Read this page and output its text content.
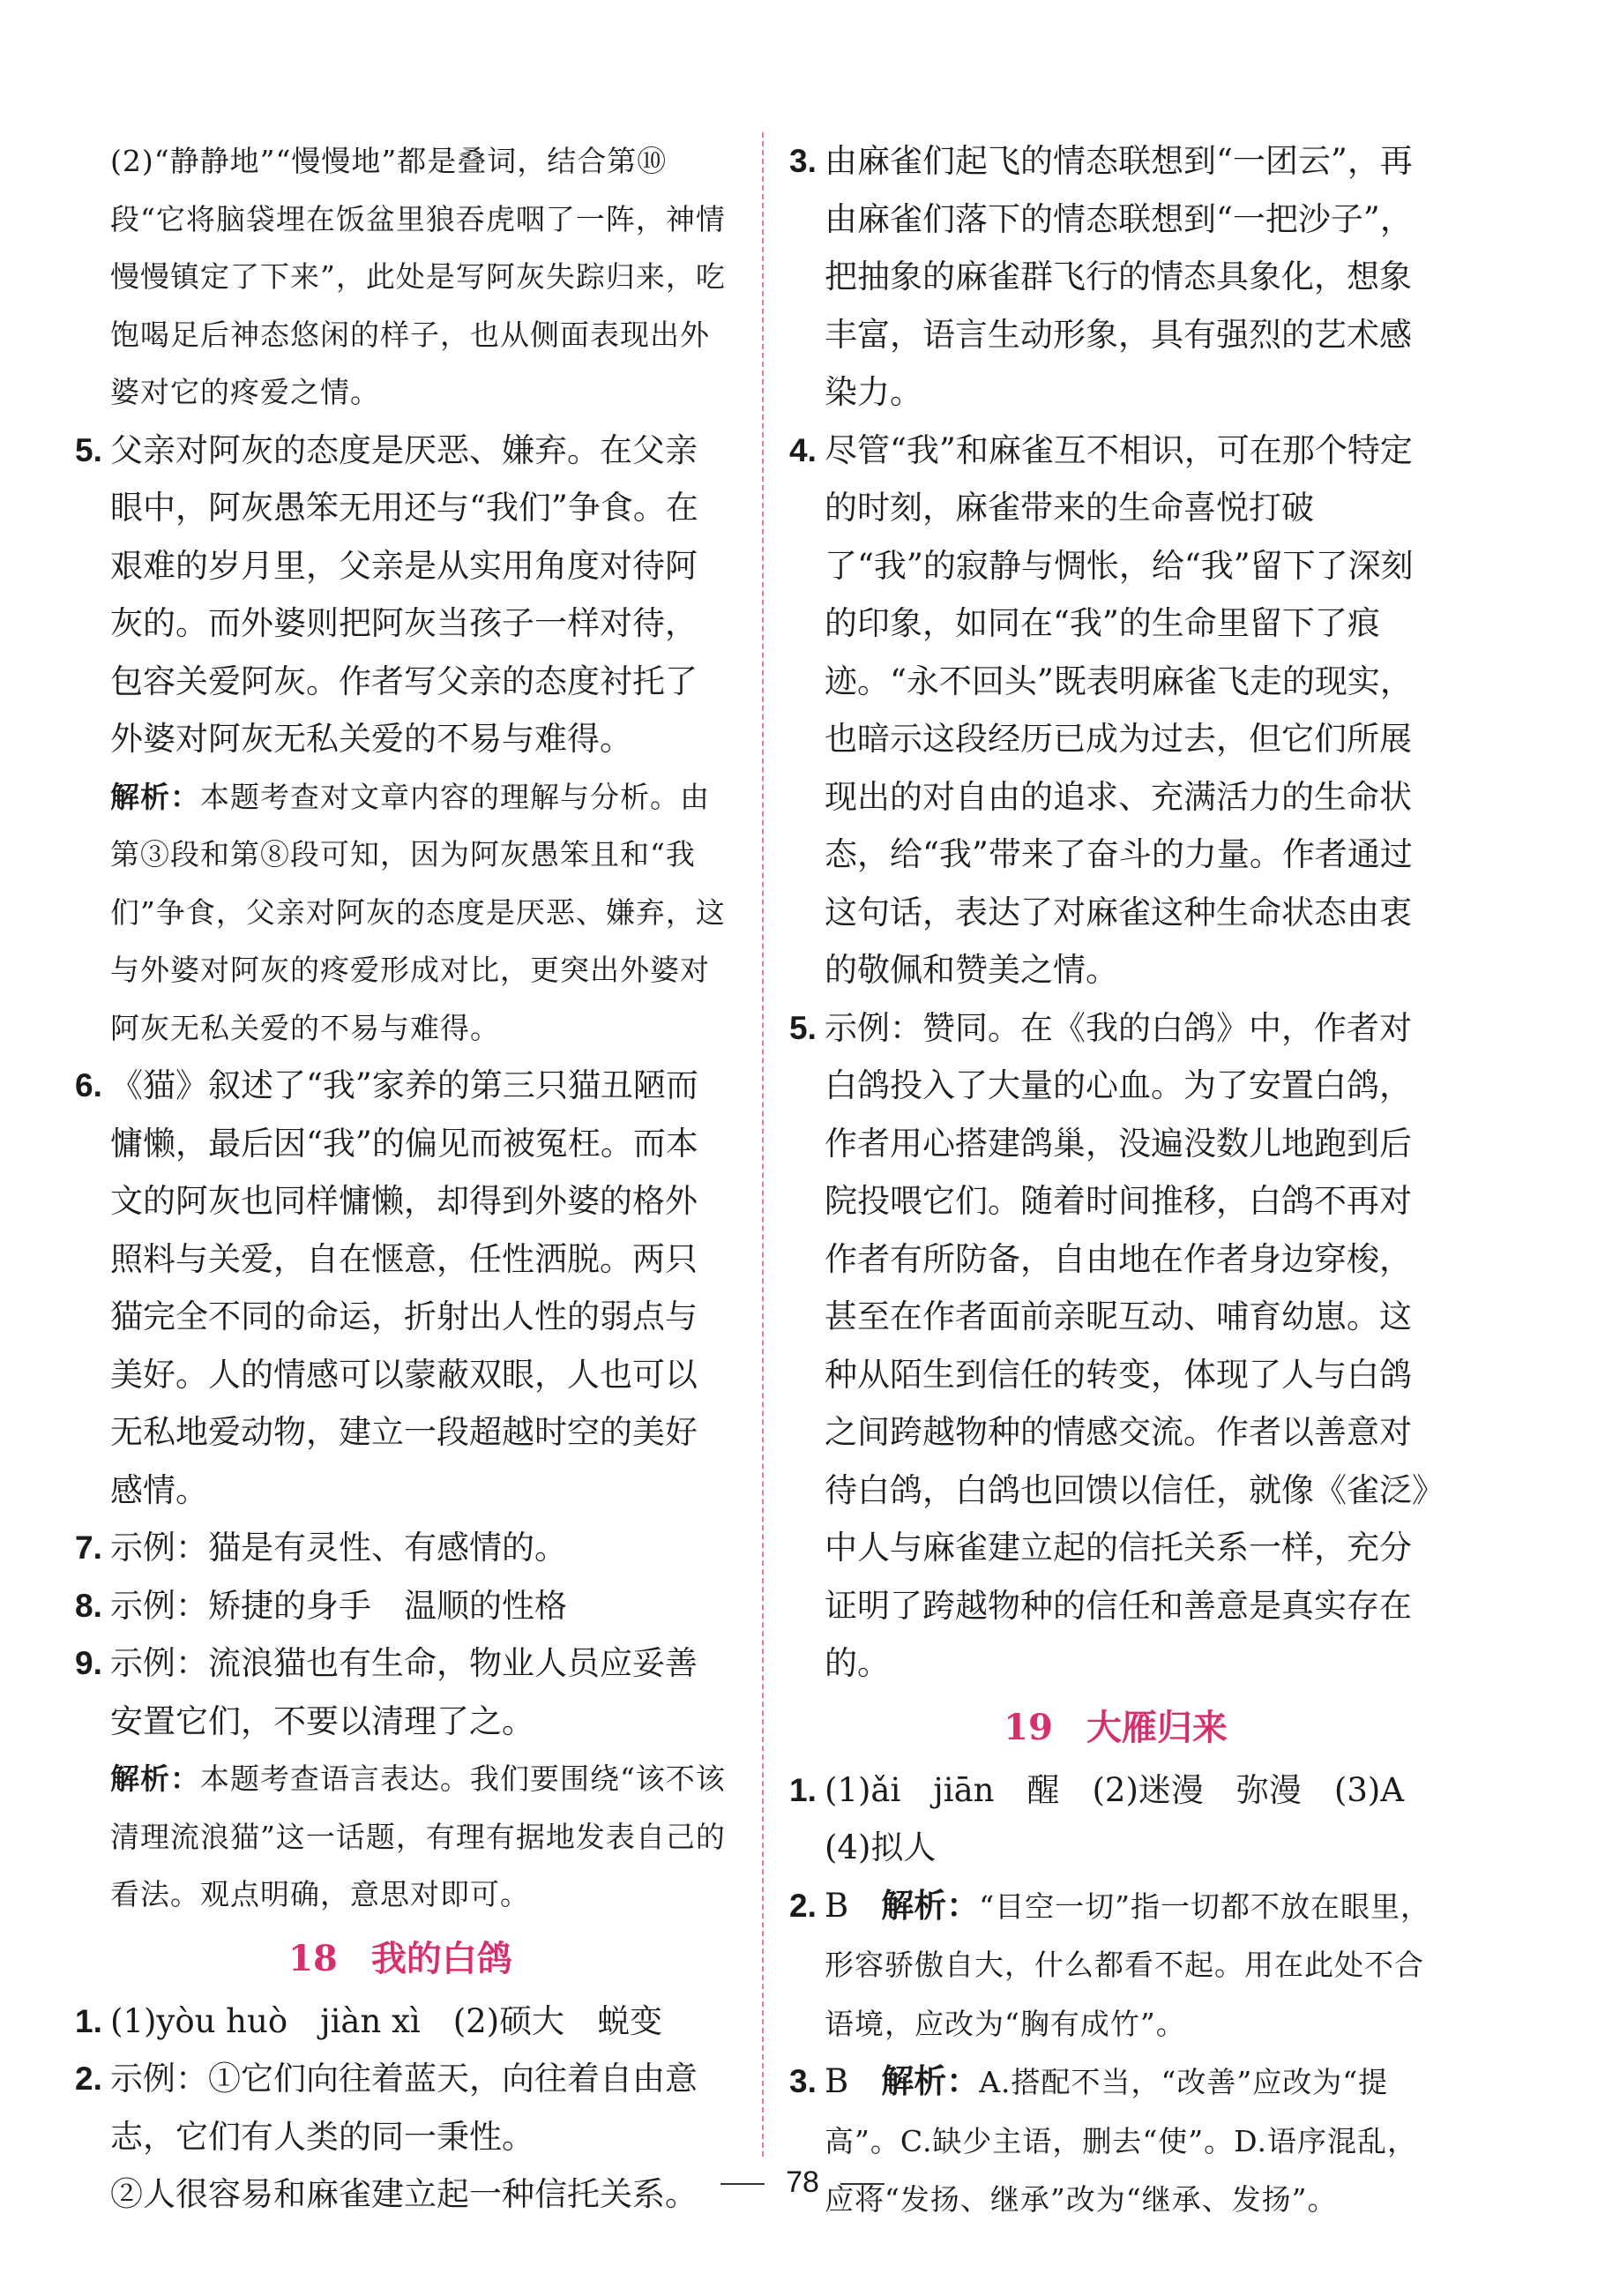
(2)“静静地”“慢慢地”都是叠词，结合第⑩段“它将脑袋埋在饭盆里狼吞虎咽了一阵，神情慢慢镇定了下来”，此处是写阿灰失踪归来，吃饱喝足后神态悠闲的样子，也从侧面表现出外婆对它的疼爱之情。

5. 父亲对阿灰的态度是厌恶、嫌弃。在父亲眼中，阿灰愚笨无用还与“我们”争食。在艰难的岁月里，父亲是从实用角度对待阿灰的。而外婆则把阿灰当孩子一样对待，包容关爱阿灰。作者写父亲的态度衬托了外婆对阿灰无私关爱的不易与难得。

解析：本题考查对文章内容的理解与分析。由第③段和第⑧段可知，因为阿灰愚笨且和“我们”争食，父亲对阿灰的态度是厌恶、嫌弃，这与外婆对阿灰的疼爱形成对比，更突出外婆对阿灰无私关爱的不易与难得。

6. 《猫》叙述了“我”家养的第三只猫丑陋而慵懒，最后因“我”的偏见而被冤枉。而本文的阿灰也同样慵懒，却得到外婆的格外照料与关爱，自在惬意，任性洒脱。两只猫完全不同的命运，折射出人性的弱点与美好。人的情感可以蒙蔽双眼，人也可以无私地爱动物，建立一段超越时空的美好感情。

7. 示例：猫是有灵性、有感情的。

8. 示例：矫捷的身手　温顺的性格

9. 示例：流浪猫也有生命，物业人员应妥善安置它们，不要以清理了之。

解析：本题考查语言表达。我们要围绕“该不该清理流浪猫”这一话题，有理有据地发表自己的看法。观点明确，意思对即可。

18 我的白鸽

1. (1)yòu huò　jiàn xì　(2)硕大　蜕变

2. 示例：①它们向往着蓝天，向往着自由意志，它们有人类的同一秉性。

②人很容易和麻雀建立起一种信托关系。

3. 由麻雀们起飞的情态联想到“一团云”，再由麻雀们落下的情态联想到“一把沙子”，把抽象的麻雀群飞行的情态具象化，想象丰富，语言生动形象，具有强烈的艺术感染力。

4. 尽管“我”和麻雀互不相识，可在那个特定的时刻，麻雀带来的生命喜悦打破了“我”的寂静与惆怅，给“我”留下了深刻的印象，如同在“我”的生命里留下了痕迹。“永不回头”既表明麻雀飞走的现实，也暗示这段经历已成为过去，但它们所展现出的对自由的追求、充满活力的生命状态，给“我”带来了奋斗的力量。作者通过这句话，表达了对麻雀这种生命状态由衷的敬佩和赞美之情。

5. 示例：赞同。在《我的白鸽》中，作者对白鸽投入了大量的心血。为了安置白鸽，作者用心搭建鸽巢，没遍没数儿地跑到后院投喂它们。随着时间推移，白鸽不再对作者有所防备，自由地在作者身边穿梭，甚至在作者面前亲昵互动、哺育幼崽。这种从陌生到信任的转变，体现了人与白鸽之间跨越物种的情感交流。作者以善意对待白鸽，白鸽也回馈以信任，就像《雀泛》中人与麻雀建立起的信托关系一样，充分证明了跨越物种的信任和善意是真实存在的。

19 大雁归来

1. (1)ǎi　jiān　醒　(2)迷漫　弥漫　(3)A　(4)拟人

2. B　解析：“目空一切”指一切都不放在眼里，形容骄傲自大，什么都看不起。用在此处不合语境，应改为“胸有成竹”。

3. B　解析：A.搭配不当，“改善”应改为“提高”。C.缺少主语，删去“使”。D.语序混乱，应将“发扬、继承”改为“继承、发扬”。

78
